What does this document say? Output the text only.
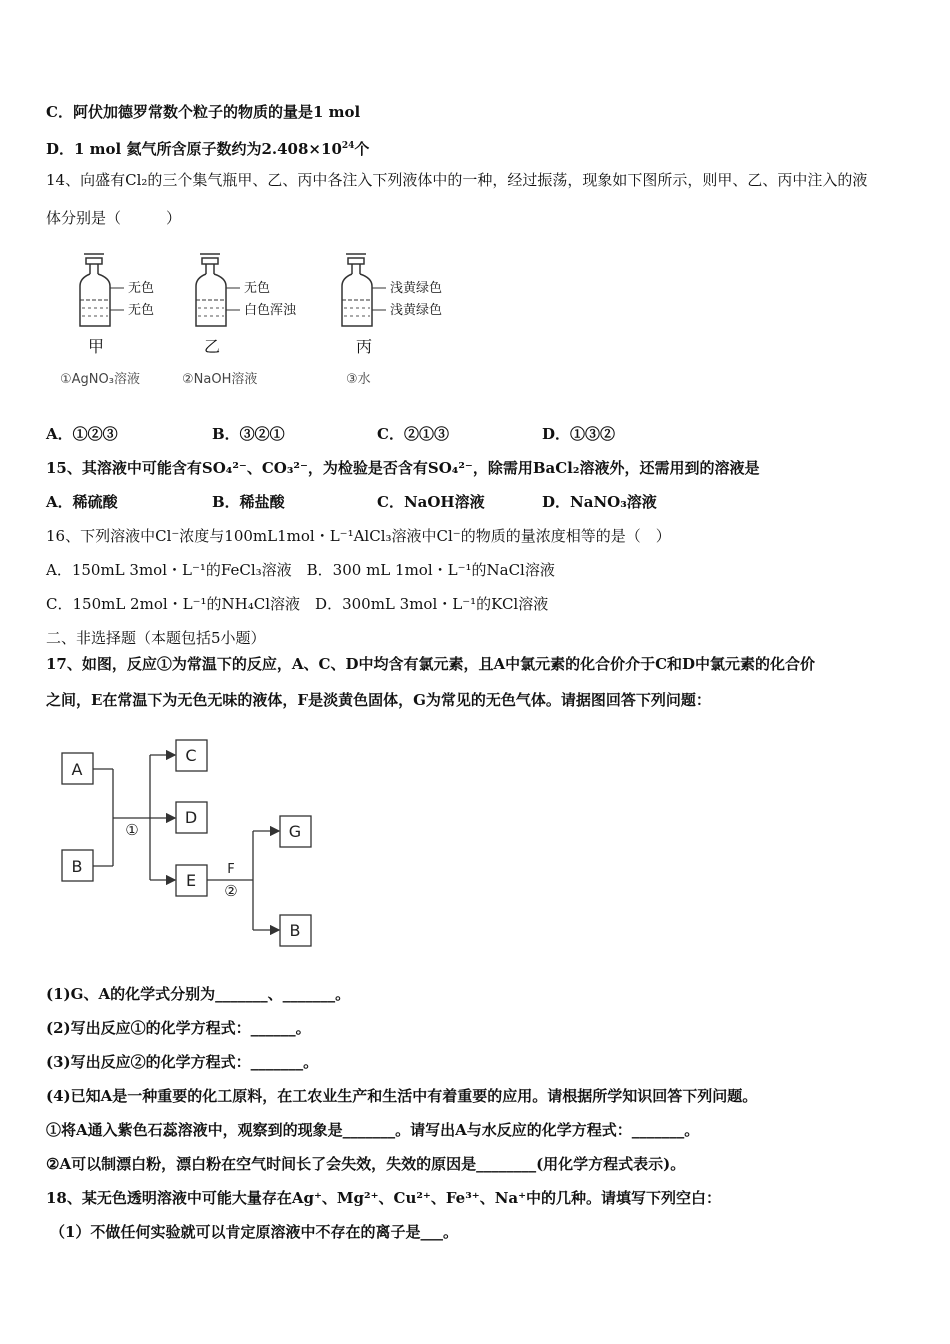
C．阿伏加德罗常数个粒子的物质的量是1 mol
D．1 mol 氦气所含原子数约为$2.408\times 10^{24}$个
14、向盛有Cl₂的三个集气瓶甲、乙、丙中各注入下列液体中的一种，经过振荡，现象如下图所示，则甲、乙、丙中注入的液
体分别是（　　　）
无色
无色
无色
白色浑浊
浅黄绿色
浅黄绿色
甲	乙	丙
①AgNO₃溶液	②NaOH溶液	③水
A．①②③	B．③②①	C．②①③	D．①③②
15、其溶液中可能含有SO₄²⁻、CO₃²⁻，为检验是否含有SO₄²⁻，除需用BaCl₂溶液外，还需用到的溶液是
A．稀硫酸	B．稀盐酸	C．NaOH溶液	D．NaNO₃溶液
16、下列溶液中Cl⁻浓度与100mL1mol・L⁻¹AlCl₃溶液中Cl⁻的物质的量浓度相等的是（　）
A．150mL 3mol・L⁻¹的FeCl₃溶液　B．300 mL 1mol・L⁻¹的NaCl溶液
C．150mL 2mol・L⁻¹的NH₄Cl溶液　D．300mL 3mol・L⁻¹的KCl溶液
二、非选择题（本题包括5小题）
17、如图，反应①为常温下的反应，A、C、D中均含有氯元素，且A中氯元素的化合价介于C和D中氯元素的化合价
之间，E在常温下为无色无味的液体，F是淡黄色固体，G为常见的无色气体。请据图回答下列问题：
A
B
C
D
E
G
B
①
F
②
(1)G、A的化学式分别为_______、_______。
(2)写出反应①的化学方程式：______。
(3)写出反应②的化学方程式：_______。
(4)已知A是一种重要的化工原料，在工农业生产和生活中有着重要的应用。请根据所学知识回答下列问题。
①将A通入紫色石蕊溶液中，观察到的现象是_______。请写出A与水反应的化学方程式：_______。
②A可以制漂白粉，漂白粉在空气时间长了会失效，失效的原因是________(用化学方程式表示)。
18、某无色透明溶液中可能大量存在Ag⁺、Mg²⁺、Cu²⁺、Fe³⁺、Na⁺中的几种。请填写下列空白：
（1）不做任何实验就可以肯定原溶液中不存在的离子是___。
